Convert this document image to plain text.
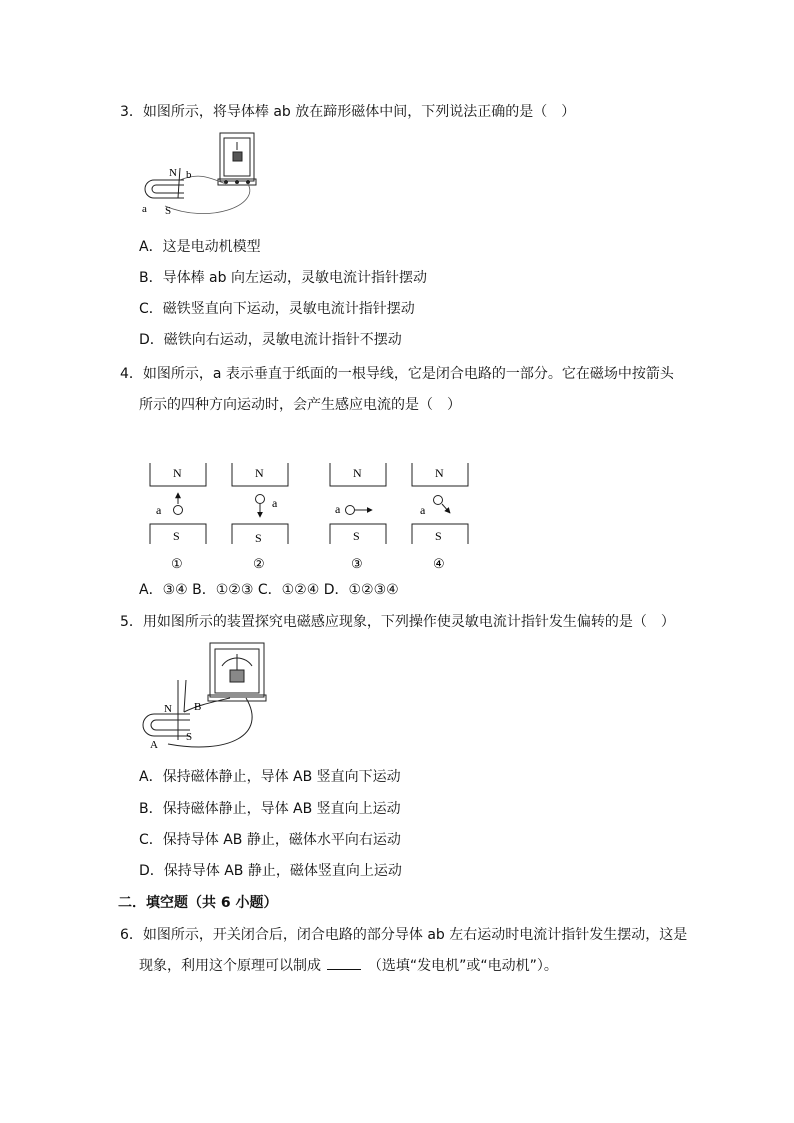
3．如图所示，将导体棒 ab 放在蹄形磁体中间，下列说法正确的是（　）
N b
a S
A．这是电动机模型
B．导体棒 ab 向左运动，灵敏电流计指针摆动
C．磁铁竖直向下运动，灵敏电流计指针摆动
D．磁铁向右运动，灵敏电流计指针不摆动
4．如图所示，a 表示垂直于纸面的一根导线，它是闭合电路的一部分。它在磁场中按箭头
所示的四种方向运动时，会产生感应电流的是（　）
N
S
a
N
S
a
N
S
a
N
S
a
①	②	③	④
A．③④ B．①②③ C．①②④ D．①②③④
5．用如图所示的装置探究电磁感应现象，下列操作使灵敏电流计指针发生偏转的是（　）
N B
A
S
A．保持磁体静止，导体 AB 竖直向下运动
B．保持磁体静止，导体 AB 竖直向上运动
C．保持导体 AB 静止，磁体水平向右运动
D．保持导体 AB 静止，磁体竖直向上运动
二．填空题（共 6 小题）
6．如图所示，开关闭合后，闭合电路的部分导体 ab 左右运动时电流计指针发生摆动，这是
现象，利用这个原理可以制成	（选填“发电机”或“电动机”）。
